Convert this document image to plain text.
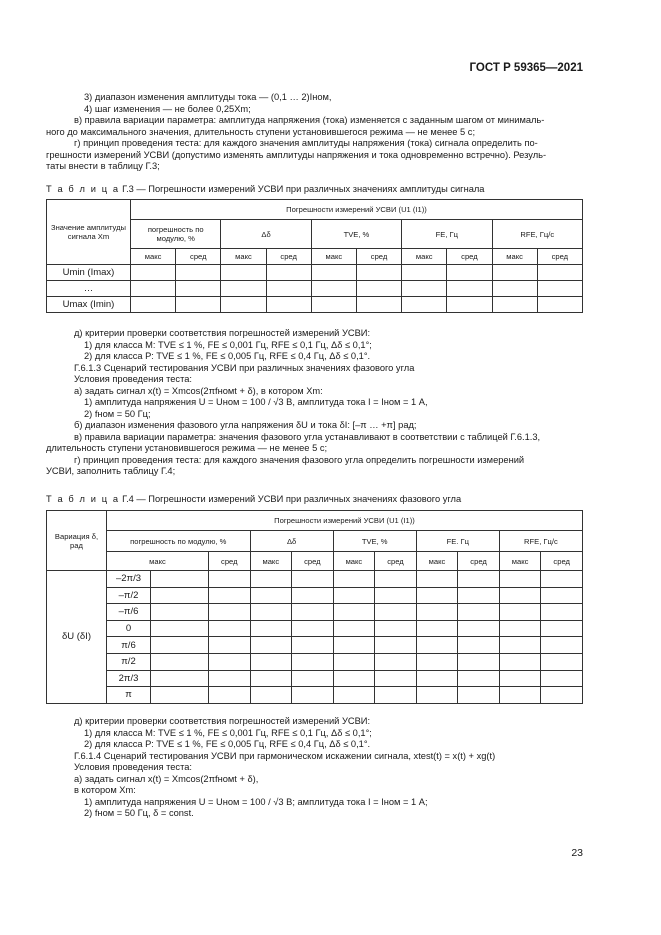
ГОСТ Р 59365—2021

3) диапазон изменения амплитуды тока — (0,1 … 2)Iном,

4) шаг изменения — не более 0,25Xm;

в) правила вариации параметра: амплитуда напряжения (тока) изменяется с заданным шагом от минималь-

ного до максимального значения, длительность ступени установившегося режима — не менее 5 с;

г) принцип проведения теста: для каждого значения амплитуды напряжения (тока) сигнала определить по-

грешности измерений УСВИ (допустимо изменять амплитуды напряжения и тока одновременно встречно). Резуль-

таты внести в таблицу Г.3;

Т а б л и ц а Г.3 — Погрешности измерений УСВИ при различных значениях амплитуды сигнала

Значение амплитуды сигнала Xm	Погрешности измерений УСВИ (U1 (I1))									
	погрешность по модулю, %		Δδ		TVE, %		FE, Гц		RFE, Гц/с	
	макс	сред	макс	сред	макс	сред	макс	сред	макс	сред
Umin (Imax)										
…										
Umax (Imin)										

д) критерии проверки соответствия погрешностей измерений УСВИ:

1) для класса М: TVE ≤ 1 %, FE ≤ 0,001 Гц, RFE ≤ 0,1 Гц, Δδ ≤ 0,1°;

2) для класса Р: TVE ≤ 1 %, FE ≤ 0,005 Гц, RFE ≤ 0,4 Гц, Δδ ≤ 0,1°.

Г.6.1.3 Сценарий тестирования УСВИ при различных значениях фазового угла

Условия проведения теста:

а) задать сигнал x(t) = Xmcos(2πfномt + δ), в котором Xm:

1) амплитуда напряжения U = Uном = 100 / √3 В, амплитуда тока I = Iном = 1 А,

2) fном = 50 Гц;

б) диапазон изменения фазового угла напряжения δU и тока δI: [–π … +π] рад;

в) правила вариации параметра: значения фазового угла устанавливают в соответствии с таблицей Г.6.1.3,

длительность ступени установившегося режима — не менее 5 с;

г) принцип проведения теста: для каждого значения фазового угла определить погрешности измерений

УСВИ, заполнить таблицу Г.4;

Т а б л и ц а Г.4 — Погрешности измерений УСВИ при различных значениях фазового угла

Вариация δ, рад	Погрешности измерений УСВИ (U1 (I1))										
	погрешность по модулю, %			Δδ		TVE, %		FE. Гц		RFE, Гц/с	
	макс		сред	макс	сред	макс	сред	макс	сред	макс	сред
δU (δI)	–2π/3										
	–π/2										
	–π/6										
	0										
	π/6										
	π/2										
	2π/3										
	π										

д) критерии проверки соответствия погрешностей измерений УСВИ:

1) для класса М: TVE ≤ 1 %, FE ≤ 0,001 Гц, RFE ≤ 0,1 Гц, Δδ ≤ 0,1°;

2) для класса Р: TVE ≤ 1 %, FE ≤ 0,005 Гц, RFE ≤ 0,4 Гц, Δδ ≤ 0,1°.

Г.6.1.4 Сценарий тестирования УСВИ при гармоническом искажении сигнала, xtest(t) = x(t) + xg(t)

Условия проведения теста:

а) задать сигнал x(t) = Xmcos(2πfномt + δ),

в котором Xm:

1) амплитуда напряжения U = Uном = 100 / √3 В; амплитуда тока I = Iном = 1 А;

2) fном = 50 Гц, δ = const.

23
